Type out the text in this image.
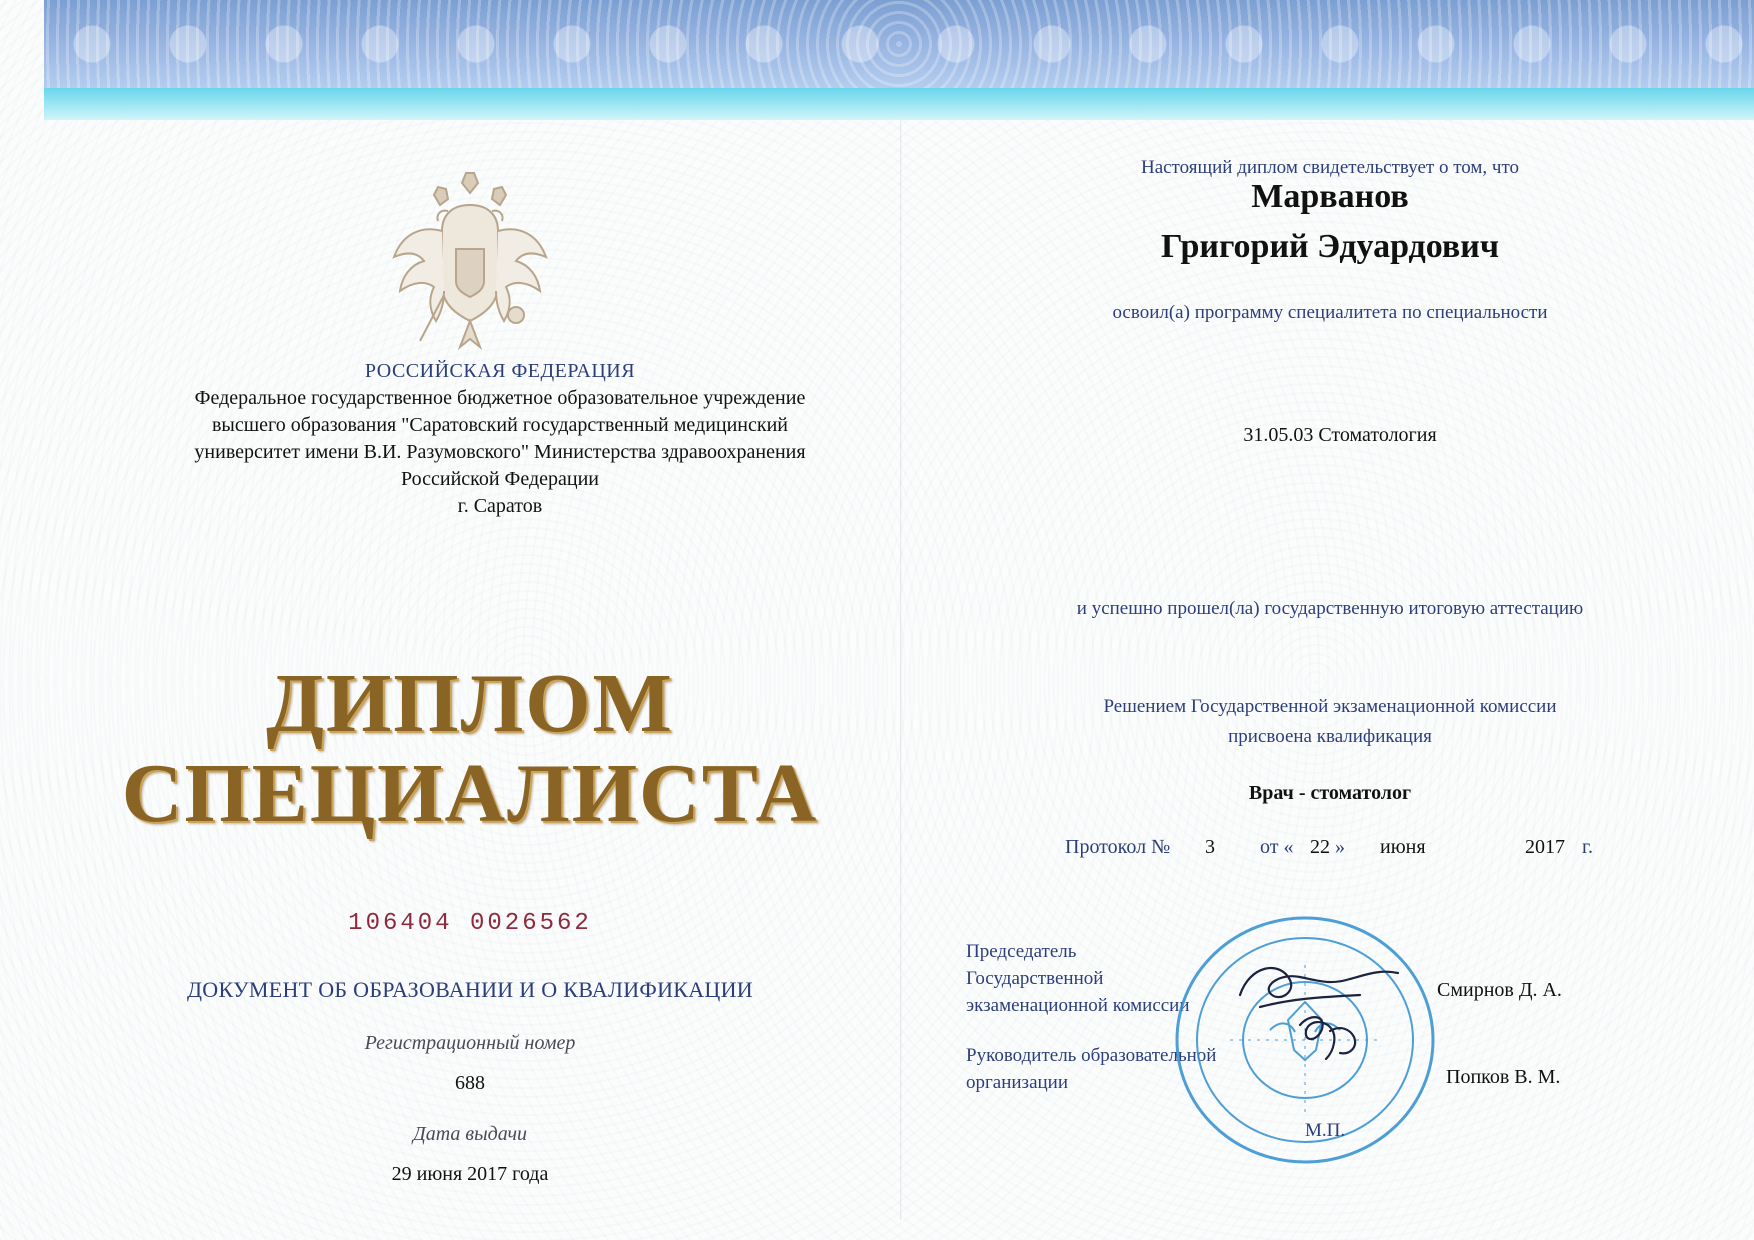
РОССИЙСКАЯ ФЕДЕРАЦИЯ
Федеральное государственное бюджетное образовательное учреждение
высшего образования "Саратовский государственный медицинский
университет имени В.И. Разумовского" Министерства здравоохранения
Российской Федерации
г. Саратов
ДИПЛОМ
СПЕЦИАЛИСТА
106404 0026562
ДОКУМЕНТ ОБ ОБРАЗОВАНИИ И О КВАЛИФИКАЦИИ
Регистрационный номер
688
Дата выдачи
29 июня 2017 года
Настоящий диплом свидетельствует о том, что
Марванов
Григорий Эдуардович
освоил(а) программу специалитета по специальности
31.05.03 Стоматология
и успешно прошел(ла) государственную итоговую аттестацию
Решением Государственной экзаменационной комиссии
присвоена квалификация
Врач - стоматолог
Протокол № 3 от « 22 » июня	2017 г.
Председатель
Государственной
экзаменационной комиссии
Смирнов Д. А.
Руководитель образовательной
организации	Попков В. М.
М.П.
